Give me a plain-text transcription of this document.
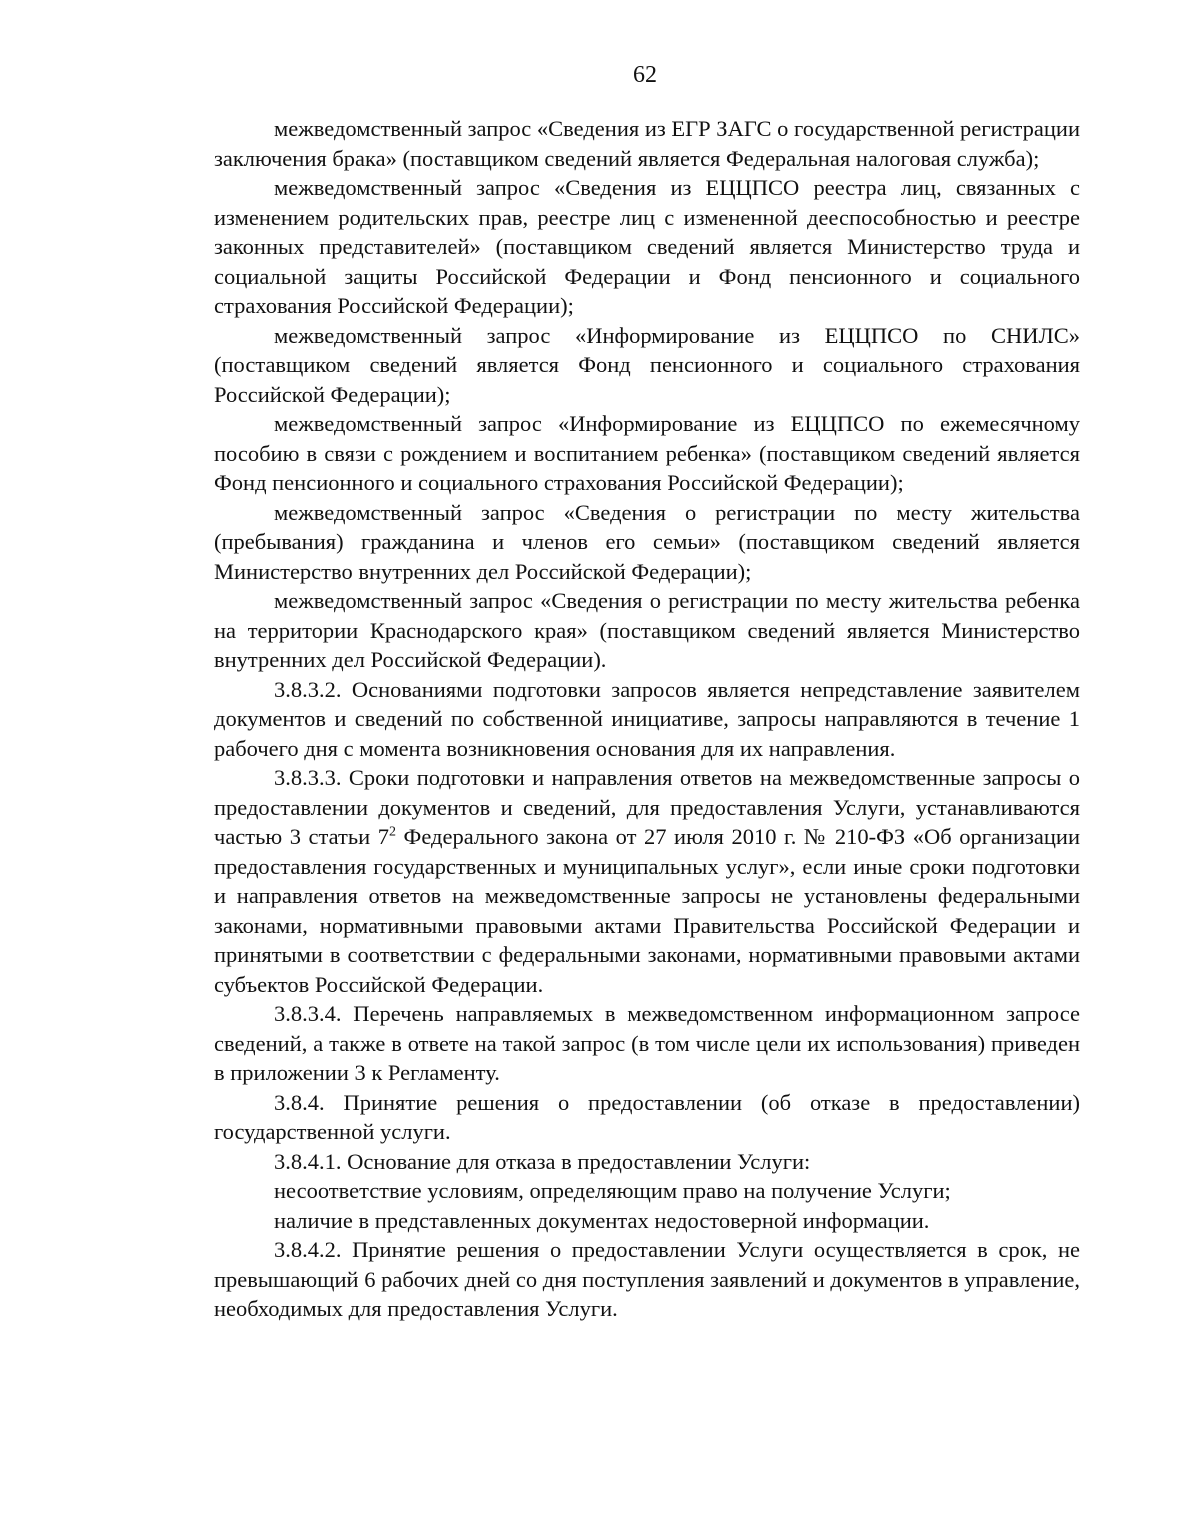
62

межведомственный запрос «Сведения из ЕГР ЗАГС о государственной регистрации заключения брака» (поставщиком сведений является Федеральная налоговая служба);

межведомственный запрос «Сведения из ЕЦЦПСО реестра лиц, связанных с изменением родительских прав, реестре лиц с измененной дееспособностью и реестре законных представителей» (поставщиком сведений является Министерство труда и социальной защиты Российской Федерации и Фонд пенсионного и социального страхования Российской Федерации);

межведомственный запрос «Информирование из ЕЦЦПСО по СНИЛС» (поставщиком сведений является Фонд пенсионного и социального страхования Российской Федерации);

межведомственный запрос «Информирование из ЕЦЦПСО по ежемесячному пособию в связи с рождением и воспитанием ребенка» (поставщиком сведений является Фонд пенсионного и социального страхования Российской Федерации);

межведомственный запрос «Сведения о регистрации по месту жительства (пребывания) гражданина и членов его семьи» (поставщиком сведений является Министерство внутренних дел Российской Федерации);

межведомственный запрос «Сведения о регистрации по месту жительства ребенка на территории Краснодарского края» (поставщиком сведений является Министерство внутренних дел Российской Федерации).

3.8.3.2. Основаниями подготовки запросов является непредставление заявителем документов и сведений по собственной инициативе, запросы направляются в течение 1 рабочего дня с момента возникновения основания для их направления.

3.8.3.3. Сроки подготовки и направления ответов на межведомственные запросы о предоставлении документов и сведений, для предоставления Услуги, устанавливаются частью 3 статьи $7^2$ Федерального закона от 27 июля 2010 г. № 210-ФЗ «Об организации предоставления государственных и муниципальных услуг», если иные сроки подготовки и направления ответов на межведомственные запросы не установлены федеральными законами, нормативными правовыми актами Правительства Российской Федерации и принятыми в соответствии с федеральными законами, нормативными правовыми актами субъектов Российской Федерации.

3.8.3.4. Перечень направляемых в межведомственном информационном запросе сведений, а также в ответе на такой запрос (в том числе цели их использования) приведен в приложении 3 к Регламенту.

3.8.4. Принятие решения о предоставлении (об отказе в предоставлении) государственной услуги.

3.8.4.1. Основание для отказа в предоставлении Услуги:

несоответствие условиям, определяющим право на получение Услуги;

наличие в представленных документах недостоверной информации.

3.8.4.2. Принятие решения о предоставлении Услуги осуществляется в срок, не превышающий 6 рабочих дней со дня поступления заявлений и документов в управление, необходимых для предоставления Услуги.
